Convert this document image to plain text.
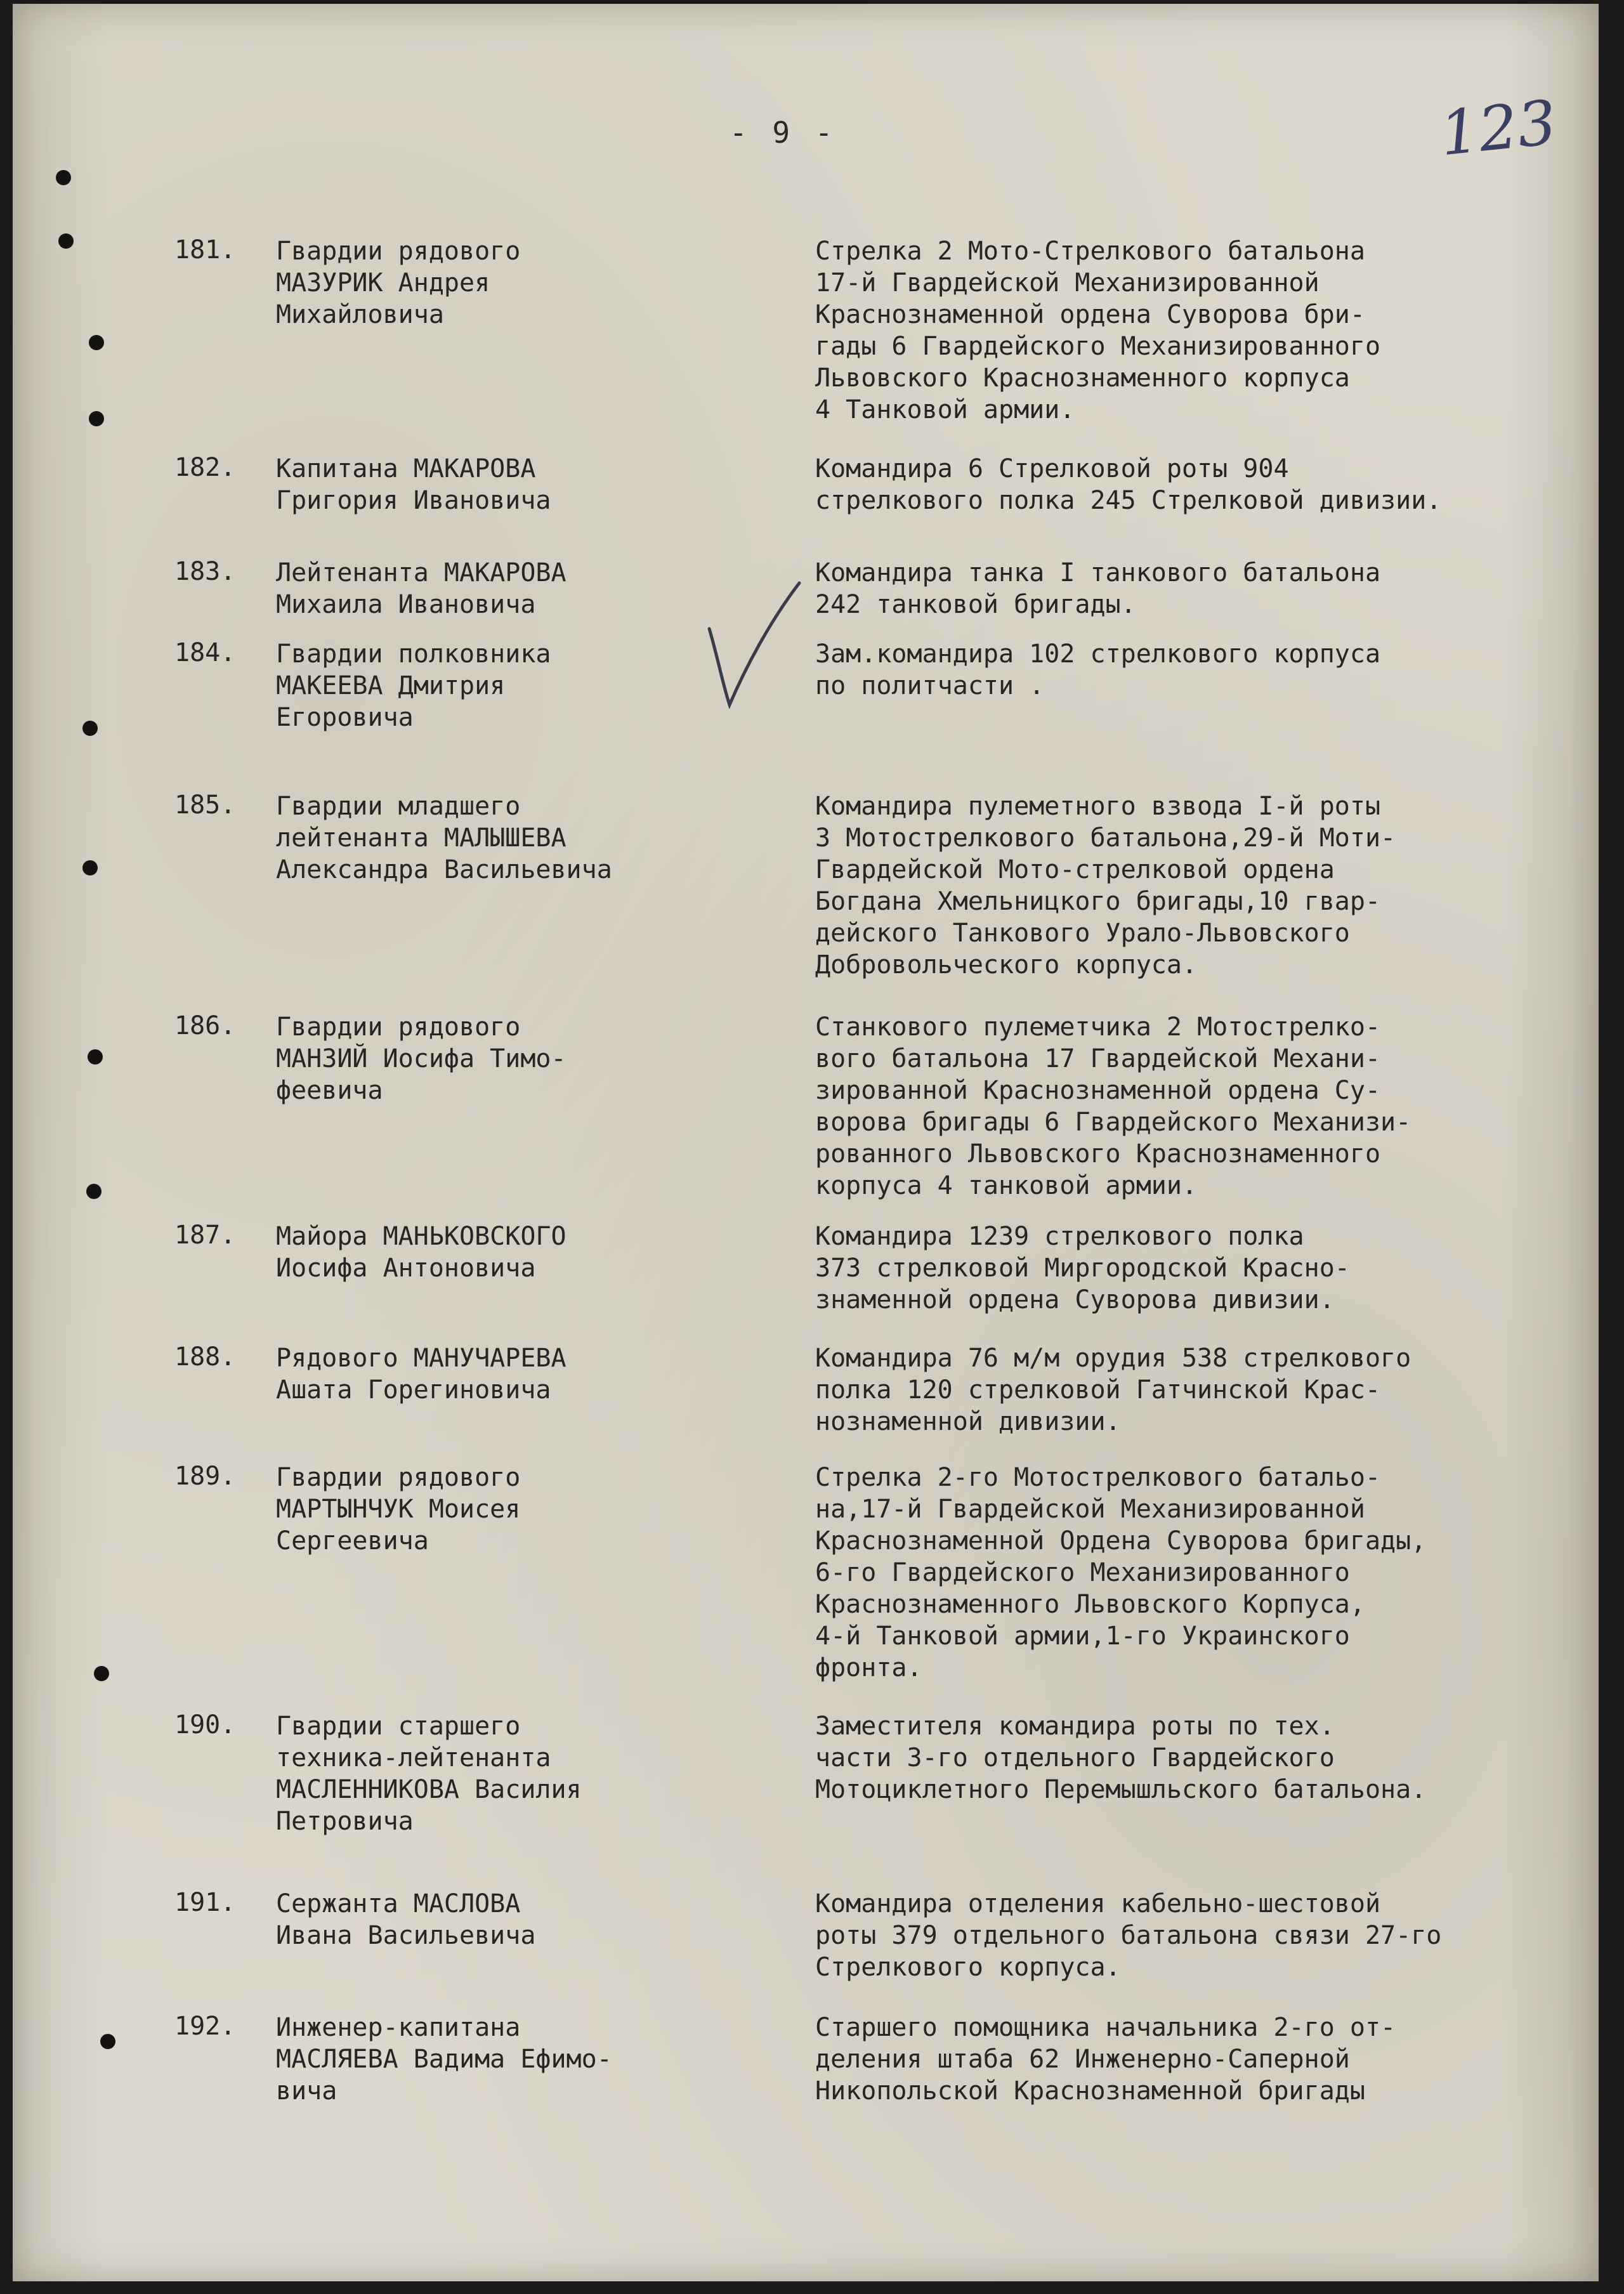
- 9 -	123
181. Гвардии рядового
МАЗУРИК Андрея
Михайловича
Стрелка 2 Мото-Стрелкового батальона
17-й Гвардейской Механизированной
Краснознаменной ордена Суворова бри-
гады 6 Гвардейского Механизированного
Львовского Краснознаменного корпуса
4 Танковой армии.
182. Капитана МАКАРОВА
Григория Ивановича
Командира 6 Стрелковой роты 904
стрелкового полка 245 Стрелковой дивизии.
183. Лейтенанта МАКАРОВА
Михаила Ивановича
Командира танка I танкового батальона
242 танковой бригады.
184. Гвардии полковника
МАКЕЕВА Дмитрия
Егоровича
Зам.командира 102 стрелкового корпуса
по политчасти .
185. Гвардии младшего
лейтенанта МАЛЫШЕВА
Александра Васильевича
Командира пулеметного взвода I-й роты
3 Мотострелкового батальона,29-й Моти-
Гвардейской Мото-стрелковой ордена
Богдана Хмельницкого бригады,10 гвар-
дейского Танкового Урало-Львовского
Добровольческого корпуса.
186. Гвардии рядового
МАНЗИЙ Иосифа Тимо-
феевича
Станкового пулеметчика 2 Мотострелко-
вого батальона 17 Гвардейской Механи-
зированной Краснознаменной ордена Су-
ворова бригады 6 Гвардейского Механизи-
рованного Львовского Краснознаменного
корпуса 4 танковой армии.
187. Майора МАНЬКОВСКОГО
Иосифа Антоновича
Командира 1239 стрелкового полка
373 стрелковой Миргородской Красно-
знаменной ордена Суворова дивизии.
188. Рядового МАНУЧАРЕВА
Ашата Горегиновича
Командира 76 м/м орудия 538 стрелкового
полка 120 стрелковой Гатчинской Крас-
нознаменной дивизии.
189. Гвардии рядового
МАРТЫНЧУК Моисея
Сергеевича
Стрелка 2-го Мотострелкового батальо-
на,17-й Гвардейской Механизированной
Краснознаменной Ордена Суворова бригады,
6-го Гвардейского Механизированного
Краснознаменного Львовского Корпуса,
4-й Танковой армии,1-го Украинского
фронта.
190. Гвардии старшего
техника-лейтенанта
МАСЛЕННИКОВА Василия
Петровича
Заместителя командира роты по тех.
части 3-го отдельного Гвардейского
Мотоциклетного Перемышльского батальона.
191. Сержанта МАСЛОВА
Ивана Васильевича
Командира отделения кабельно-шестовой
роты 379 отдельного батальона связи 27-го
Стрелкового корпуса.
192. Инженер-капитана
МАСЛЯЕВА Вадима Ефимо-
вича
Старшего помощника начальника 2-го от-
деления штаба 62 Инженерно-Саперной
Никопольской Краснознаменной бригады
